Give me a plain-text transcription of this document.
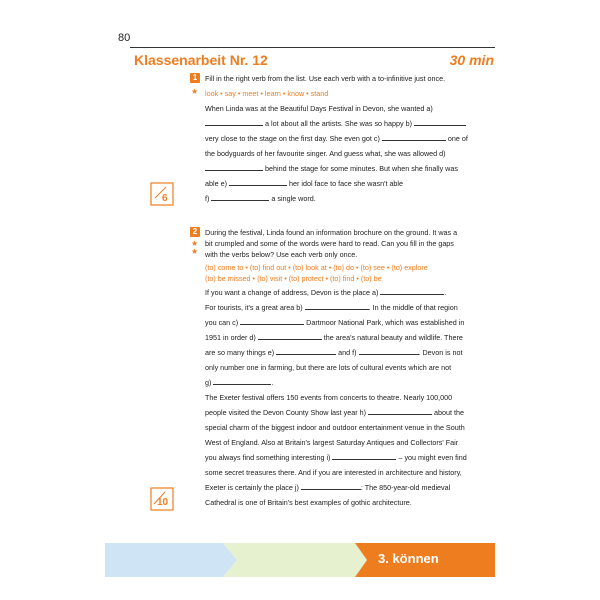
80
Klassenarbeit Nr. 12	30 min
1
★
Fill in the right verb from the list. Use each verb with a to-infinitive just once.
look • say • meet • learn • know • stand
When Linda was at the Beautiful Days Festival in Devon, she wanted a)
a lot about all the artists. She was so happy b)
very close to the stage on the first day. She even got c)	one of
the bodyguards of her favourite singer. And guess what, she was allowed d)
behind the stage for some minutes. But when she finally was
able e)	her idol face to face she wasn't able
f)	a single word.
6
2
★
★
During the festival, Linda found an information brochure on the ground. It was a
bit crumpled and some of the words were hard to read. Can you fill in the gaps
with the verbs below? Use each verb only once.
(to) come to • (to) find out • (to) look at • (to) do • (to) see • (to) explore
(to) be missed • (to) visit • (to) protect • (to) find • (to) be
If you want a change of address, Devon is the place a)	.
For tourists, it's a great area b)	. In the middle of that region
you can c)	Dartmoor National Park, which was established in
1951 in order d)	the area's natural beauty and wildlife. There
are so many things e)	and f)	. Devon is not
only number one in farming, but there are lots of cultural events which are not
g)	.
The Exeter festival offers 150 events from concerts to theatre. Nearly 100,000
people visited the Devon County Show last year h)	about the
special charm of the biggest indoor and outdoor entertainment venue in the South
West of England. Also at Britain's largest Saturday Antiques and Collectors' Fair
you always find something interesting i)	– you might even find
some secret treasures there. And if you are interested in architecture and history,
Exeter is certainly the place j)	: The 850-year-old medieval
Cathedral is one of Britain's best examples of gothic architecture.
10
3. können
